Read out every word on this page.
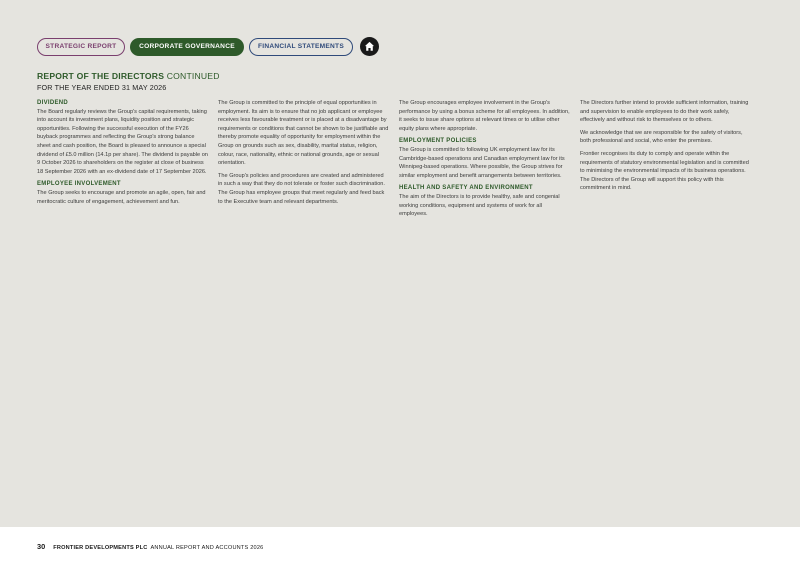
STRATEGIC REPORT	CORPORATE GOVERNANCE	FINANCIAL STATEMENTS
REPORT OF THE DIRECTORS CONTINUED
FOR THE YEAR ENDED 31 MAY 2026
DIVIDEND
The Board regularly reviews the Group's capital requirements, taking into account its investment plans, liquidity position and strategic opportunities. Following the successful execution of the FY26 buyback programmes and reflecting the Group's strong balance sheet and cash position, the Board is pleased to announce a special dividend of £5.0 million (14.1p per share). The dividend is payable on 9 October 2026 to shareholders on the register at close of business 18 September 2026 with an ex-dividend date of 17 September 2026.
EMPLOYEE INVOLVEMENT
The Group seeks to encourage and promote an agile, open, fair and meritocratic culture of engagement, achievement and fun.
The Group is committed to the principle of equal opportunities in employment. Its aim is to ensure that no job applicant or employee receives less favourable treatment or is placed at a disadvantage by requirements or conditions that cannot be shown to be justifiable and thereby promote equality of opportunity for employment within the Group on grounds such as sex, disability, marital status, religion, colour, race, nationality, ethnic or national grounds, age or sexual orientation.
The Group's policies and procedures are created and administered in such a way that they do not tolerate or foster such discrimination. The Group has employee groups that meet regularly and feed back to the Executive team and relevant departments.
The Group encourages employee involvement in the Group's performance by using a bonus scheme for all employees. In addition, it seeks to issue share options at relevant times or to utilise other equity plans where appropriate.
EMPLOYMENT POLICIES
The Group is committed to following UK employment law for its Cambridge-based operations and Canadian employment law for its Winnipeg-based operations. Where possible, the Group strives for similar employment and benefit arrangements between territories.
HEALTH AND SAFETY AND ENVIRONMENT
The aim of the Directors is to provide healthy, safe and congenial working conditions, equipment and systems of work for all employees.
The Directors further intend to provide sufficient information, training and supervision to enable employees to do their work safely, effectively and without risk to themselves or to others.
We acknowledge that we are responsible for the safety of visitors, both professional and social, who enter the premises.
Frontier recognises its duty to comply and operate within the requirements of statutory environmental legislation and is committed to minimising the environmental impacts of its business operations. The Directors of the Group will support this policy with this commitment in mind.
30 FRONTIER DEVELOPMENTS PLC ANNUAL REPORT AND ACCOUNTS 2026
